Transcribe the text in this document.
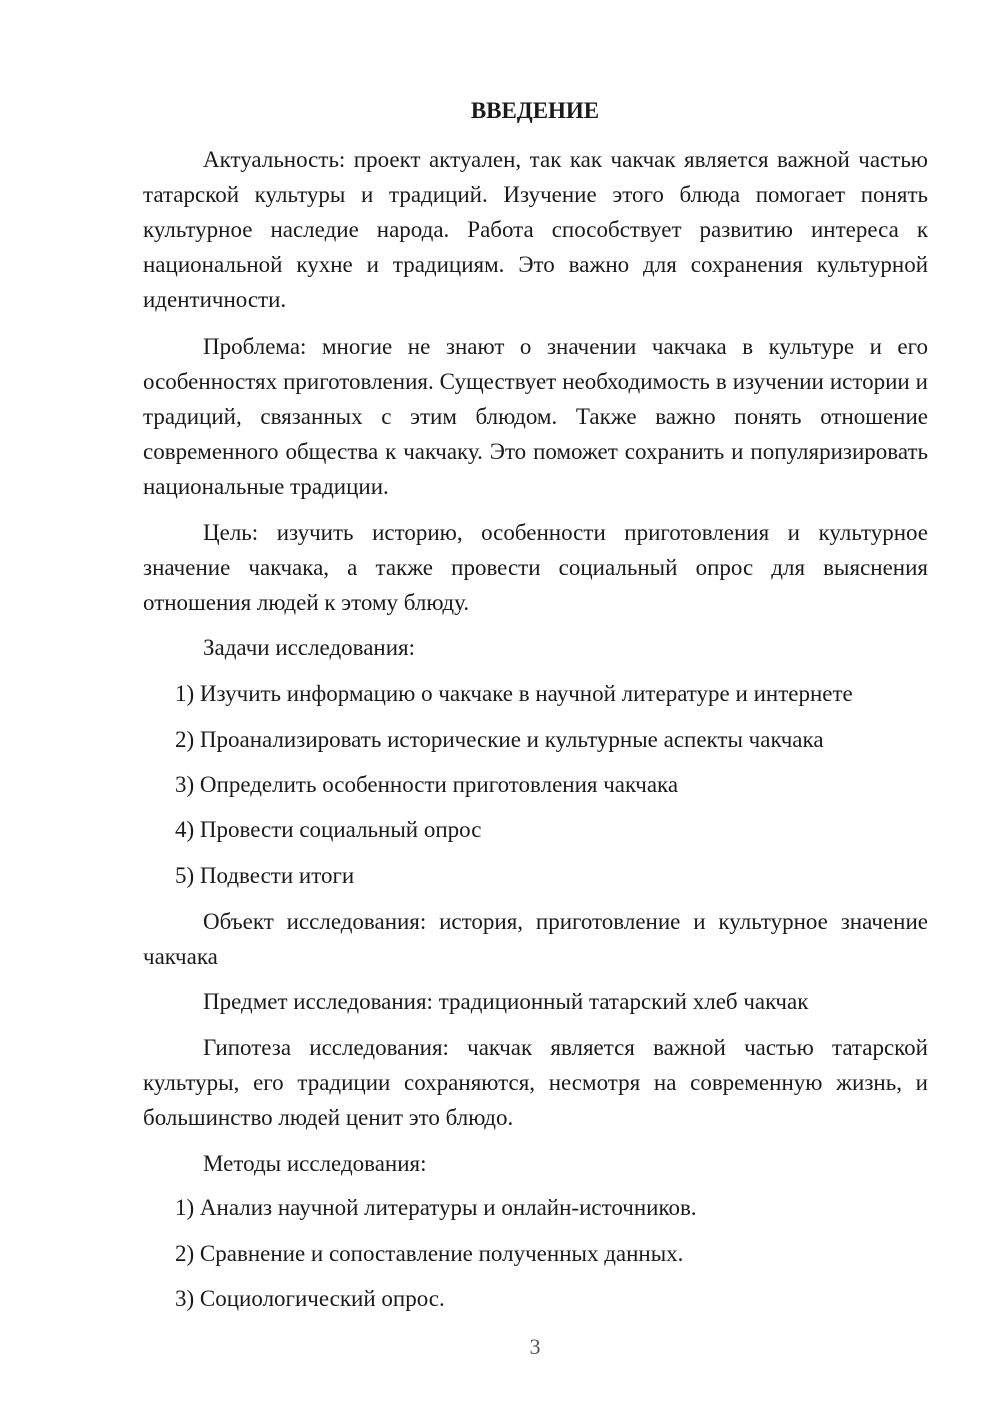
ВВЕДЕНИЕ

Актуальность: проект актуален, так как чакчак является важной частью татарской культуры и традиций. Изучение этого блюда помогает понять культурное наследие народа. Работа способствует развитию интереса к национальной кухне и традициям. Это важно для сохранения культурной идентичности.

Проблема: многие не знают о значении чакчака в культуре и его особенностях приготовления. Существует необходимость в изучении истории и традиций, связанных с этим блюдом. Также важно понять отношение современного общества к чакчаку. Это поможет сохранить и популяризировать национальные традиции.

Цель: изучить историю, особенности приготовления и культурное значение чакчака, а также провести социальный опрос для выяснения отношения людей к этому блюду.

Задачи исследования:

1) Изучить информацию о чакчаке в научной литературе и интернете

2) Проанализировать исторические и культурные аспекты чакчака

3) Определить особенности приготовления чакчака

4) Провести социальный опрос

5) Подвести итоги

Объект исследования: история, приготовление и культурное значение чакчака

Предмет исследования: традиционный татарский хлеб чакчак

Гипотеза исследования: чакчак является важной частью татарской культуры, его традиции сохраняются, несмотря на современную жизнь, и большинство людей ценит это блюдо.

Методы исследования:

1) Анализ научной литературы и онлайн-источников.

2) Сравнение и сопоставление полученных данных.

3) Социологический опрос.

3
